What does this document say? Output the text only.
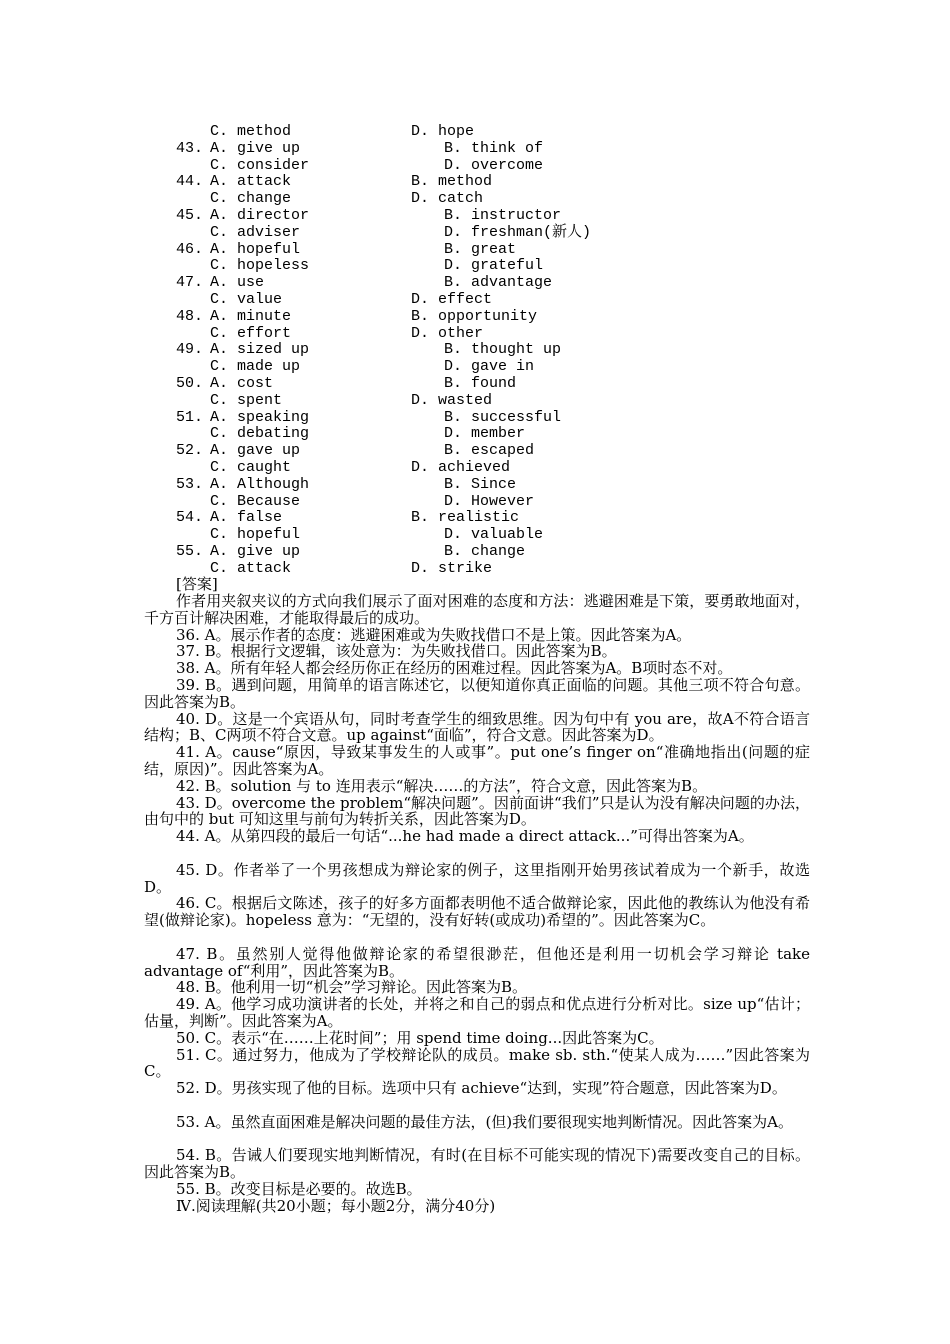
C. method	D. hope
43. A. give up	B. think of
C. consider	D. overcome
44. A. attack	B. method
C. change	D. catch
45. A. director	B. instructor
C. adviser	D. freshman(新人)
46. A. hopeful	B. great
C. hopeless	D. grateful
47. A. use	B. advantage
C. value	D. effect
48. A. minute	B. opportunity
C. effort	D. other
49. A. sized up	B. thought up
C. made up	D. gave in
50. A. cost	B. found
C. spent	D. wasted
51. A. speaking	B. successful
C. debating	D. member
52. A. gave up	B. escaped
C. caught	D. achieved
53. A. Although	B. Since
C. Because	D. However
54. A. false	B. realistic
C. hopeful	D. valuable
55. A. give up	B. change
C. attack	D. strike
[答案]
作者用夹叙夹议的方式向我们展示了面对困难的态度和方法：逃避困难是下策，要勇敢地面对，千方百计解决困难，才能取得最后的成功。
36. A。展示作者的态度：逃避困难或为失败找借口不是上策。因此答案为A。
37. B。根据行文逻辑，该处意为：为失败找借口。因此答案为B。
38. A。所有年轻人都会经历你正在经历的困难过程。因此答案为A。B项时态不对。
39. B。遇到问题，用简单的语言陈述它，以便知道你真正面临的问题。其他三项不符合句意。因此答案为B。
40. D。这是一个宾语从句，同时考查学生的细致思维。因为句中有 you are，故A不符合语言结构；B、C两项不符合文意。up against“面临”，符合文意。因此答案为D。
41. A。cause“原因，导致某事发生的人或事”。put one’s finger on“准确地指出(问题的症结，原因)”。因此答案为A。
42. B。solution 与 to 连用表示“解决……的方法”，符合文意，因此答案为B。
43. D。overcome the problem“解决问题”。因前面讲“我们”只是认为没有解决问题的办法，由句中的 but 可知这里与前句为转折关系，因此答案为D。
44. A。从第四段的最后一句话“...he had made a direct attack...”可得出答案为A。
45. D。作者举了一个男孩想成为辩论家的例子，这里指刚开始男孩试着成为一个新手，故选D。
46. C。根据后文陈述，孩子的好多方面都表明他不适合做辩论家，因此他的教练认为他没有希望(做辩论家)。hopeless 意为：“无望的，没有好转(或成功)希望的”。因此答案为C。
47. B。虽然别人觉得他做辩论家的希望很渺茫，但他还是利用一切机会学习辩论 take advantage of“利用”，因此答案为B。
48. B。他利用一切“机会”学习辩论。因此答案为B。
49. A。他学习成功演讲者的长处，并将之和自己的弱点和优点进行分析对比。size up“估计；估量，判断”。因此答案为A。
50. C。表示“在……上花时间”；用 spend time doing...因此答案为C。
51. C。通过努力，他成为了学校辩论队的成员。make sb. sth.“使某人成为……”因此答案为C。
52. D。男孩实现了他的目标。选项中只有 achieve“达到，实现”符合题意，因此答案为D。
53. A。虽然直面困难是解决问题的最佳方法，(但)我们要很现实地判断情况。因此答案为A。
54. B。告诫人们要现实地判断情况，有时(在目标不可能实现的情况下)需要改变自己的目标。因此答案为B。
55. B。改变目标是必要的。故选B。
Ⅳ.阅读理解(共20小题；每小题2分，满分40分)
